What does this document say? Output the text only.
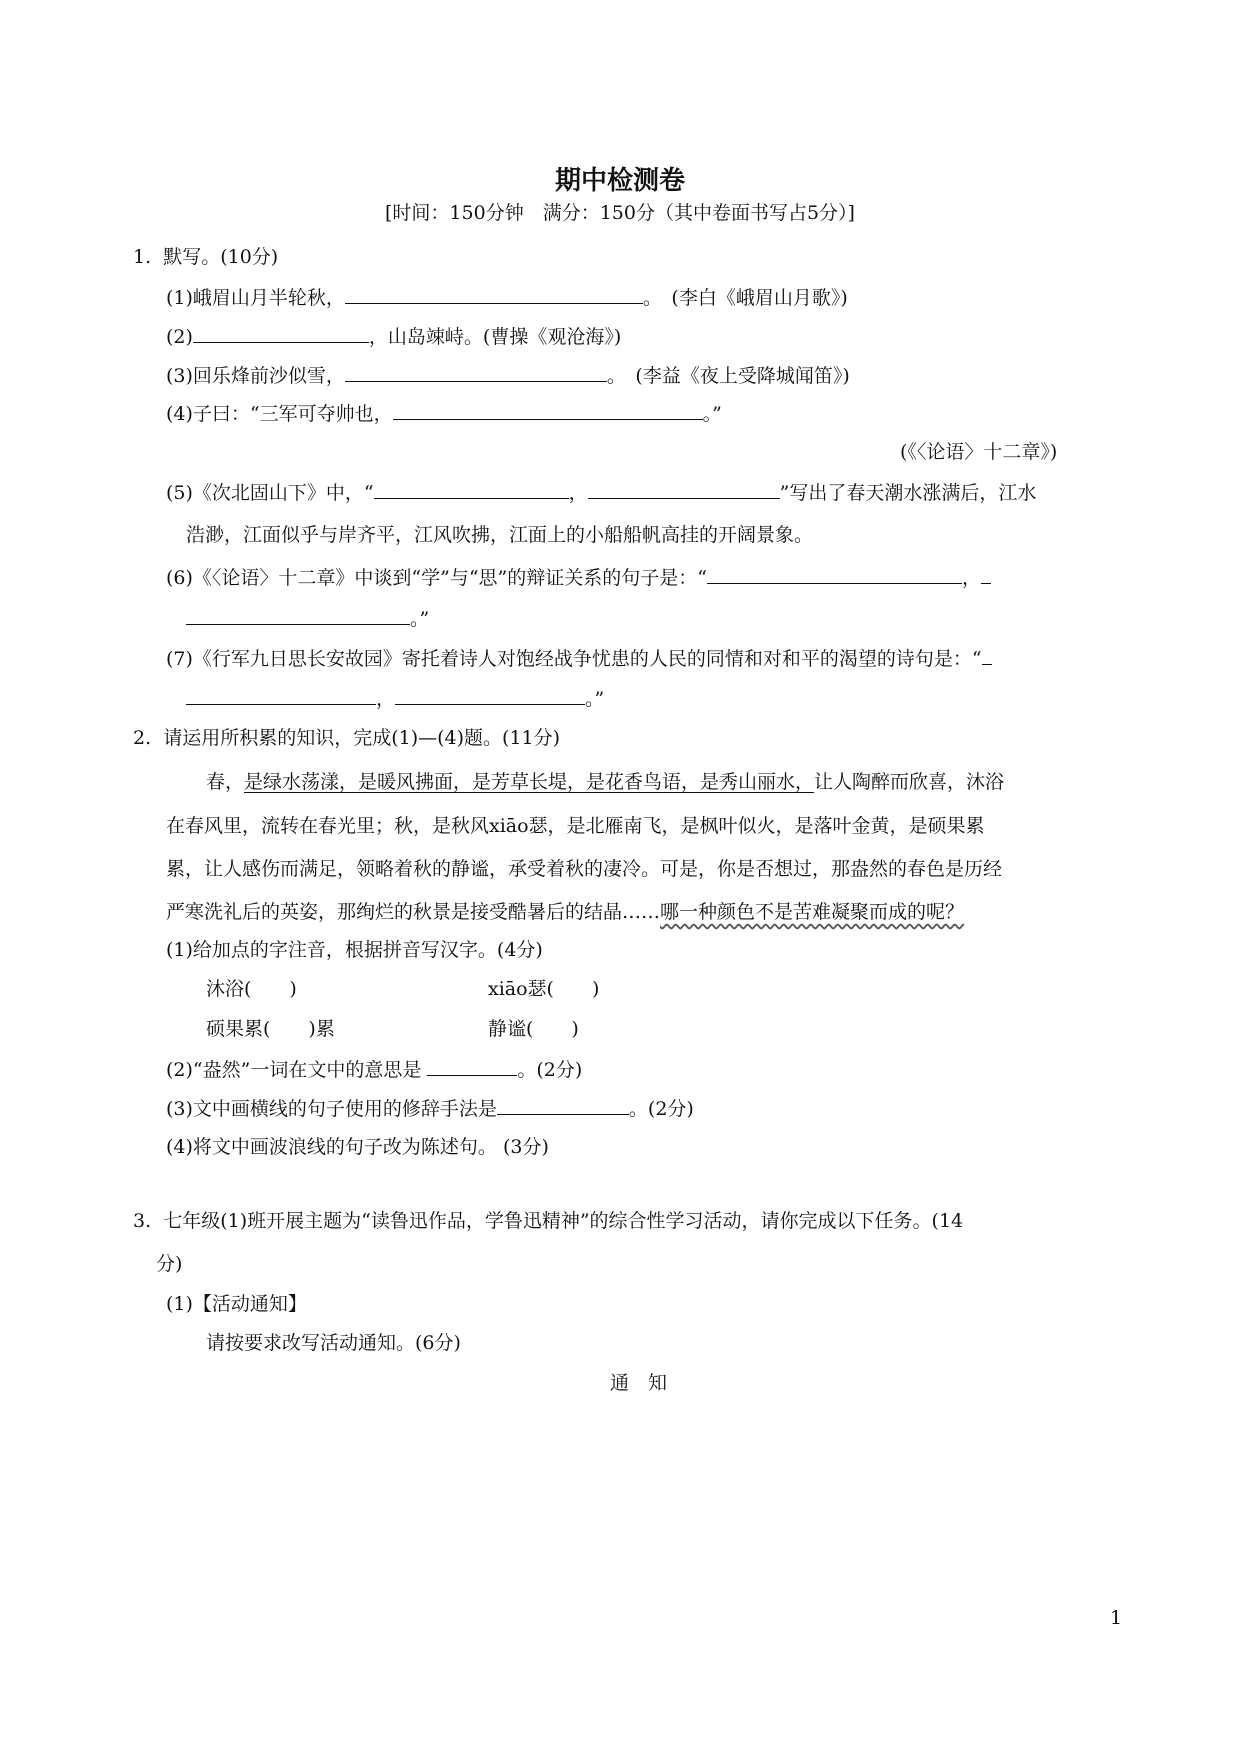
期中检测卷
[时间：150分钟　满分：150分（其中卷面书写占5分）]
1.  默写。(10分)
(1)峨眉山月半轮秋，	。　(李白《峨眉山月歌》)
(2)	，山岛竦峙。(曹操《观沧海》)
(3)回乐烽前沙似雪，	。　(李益《夜上受降城闻笛》)
(4)子曰：“三军可夺帅也，	。”
(《〈论语〉十二章》)
(5)《次北固山下》中，“	，	”写出了春天潮水涨满后，江水
浩渺，江面似乎与岸齐平，江风吹拂，江面上的小船船帆高挂的开阔景象。
(6)《〈论语〉十二章》中谈到“学”与“思”的辩证关系的句子是：“	，
。”
(7)《行军九日思长安故园》寄托着诗人对饱经战争忧患的人民的同情和对和平的渴望的诗句是：“
，	。”
2.  请运用所积累的知识，完成(1)—(4)题。(11分)
春，是绿水荡漾，是暖风拂面，是芳草长堤，是花香鸟语，是秀山丽水，让人陶醉而欣喜，沐浴
在春风里，流转在春光里；秋，是秋风xiāo瑟，是北雁南飞，是枫叶似火，是落叶金黄，是硕果累
累，让人感伤而满足，领略着秋的静谧，承受着秋的凄冷。可是，你是否想过，那盎然的春色是历经
严寒洗礼后的英姿，那绚烂的秋景是接受酷暑后的结晶……哪一种颜色不是苦难凝聚而成的呢？
(1)给加点的字注音，根据拼音写汉字。(4分)
沐浴(　　)	xiāo瑟(　　)
硕果累(　　)累	静谧(　　)
(2)“盎然”一词在文中的意思是	。(2分)
(3)文中画横线的句子使用的修辞手法是	。(2分)
(4)将文中画波浪线的句子改为陈述句。 (3分)
3.  七年级(1)班开展主题为“读鲁迅作品，学鲁迅精神”的综合性学习活动，请你完成以下任务。(14
分)
(1)【活动通知】
请按要求改写活动通知。(6分)
通　知
1
